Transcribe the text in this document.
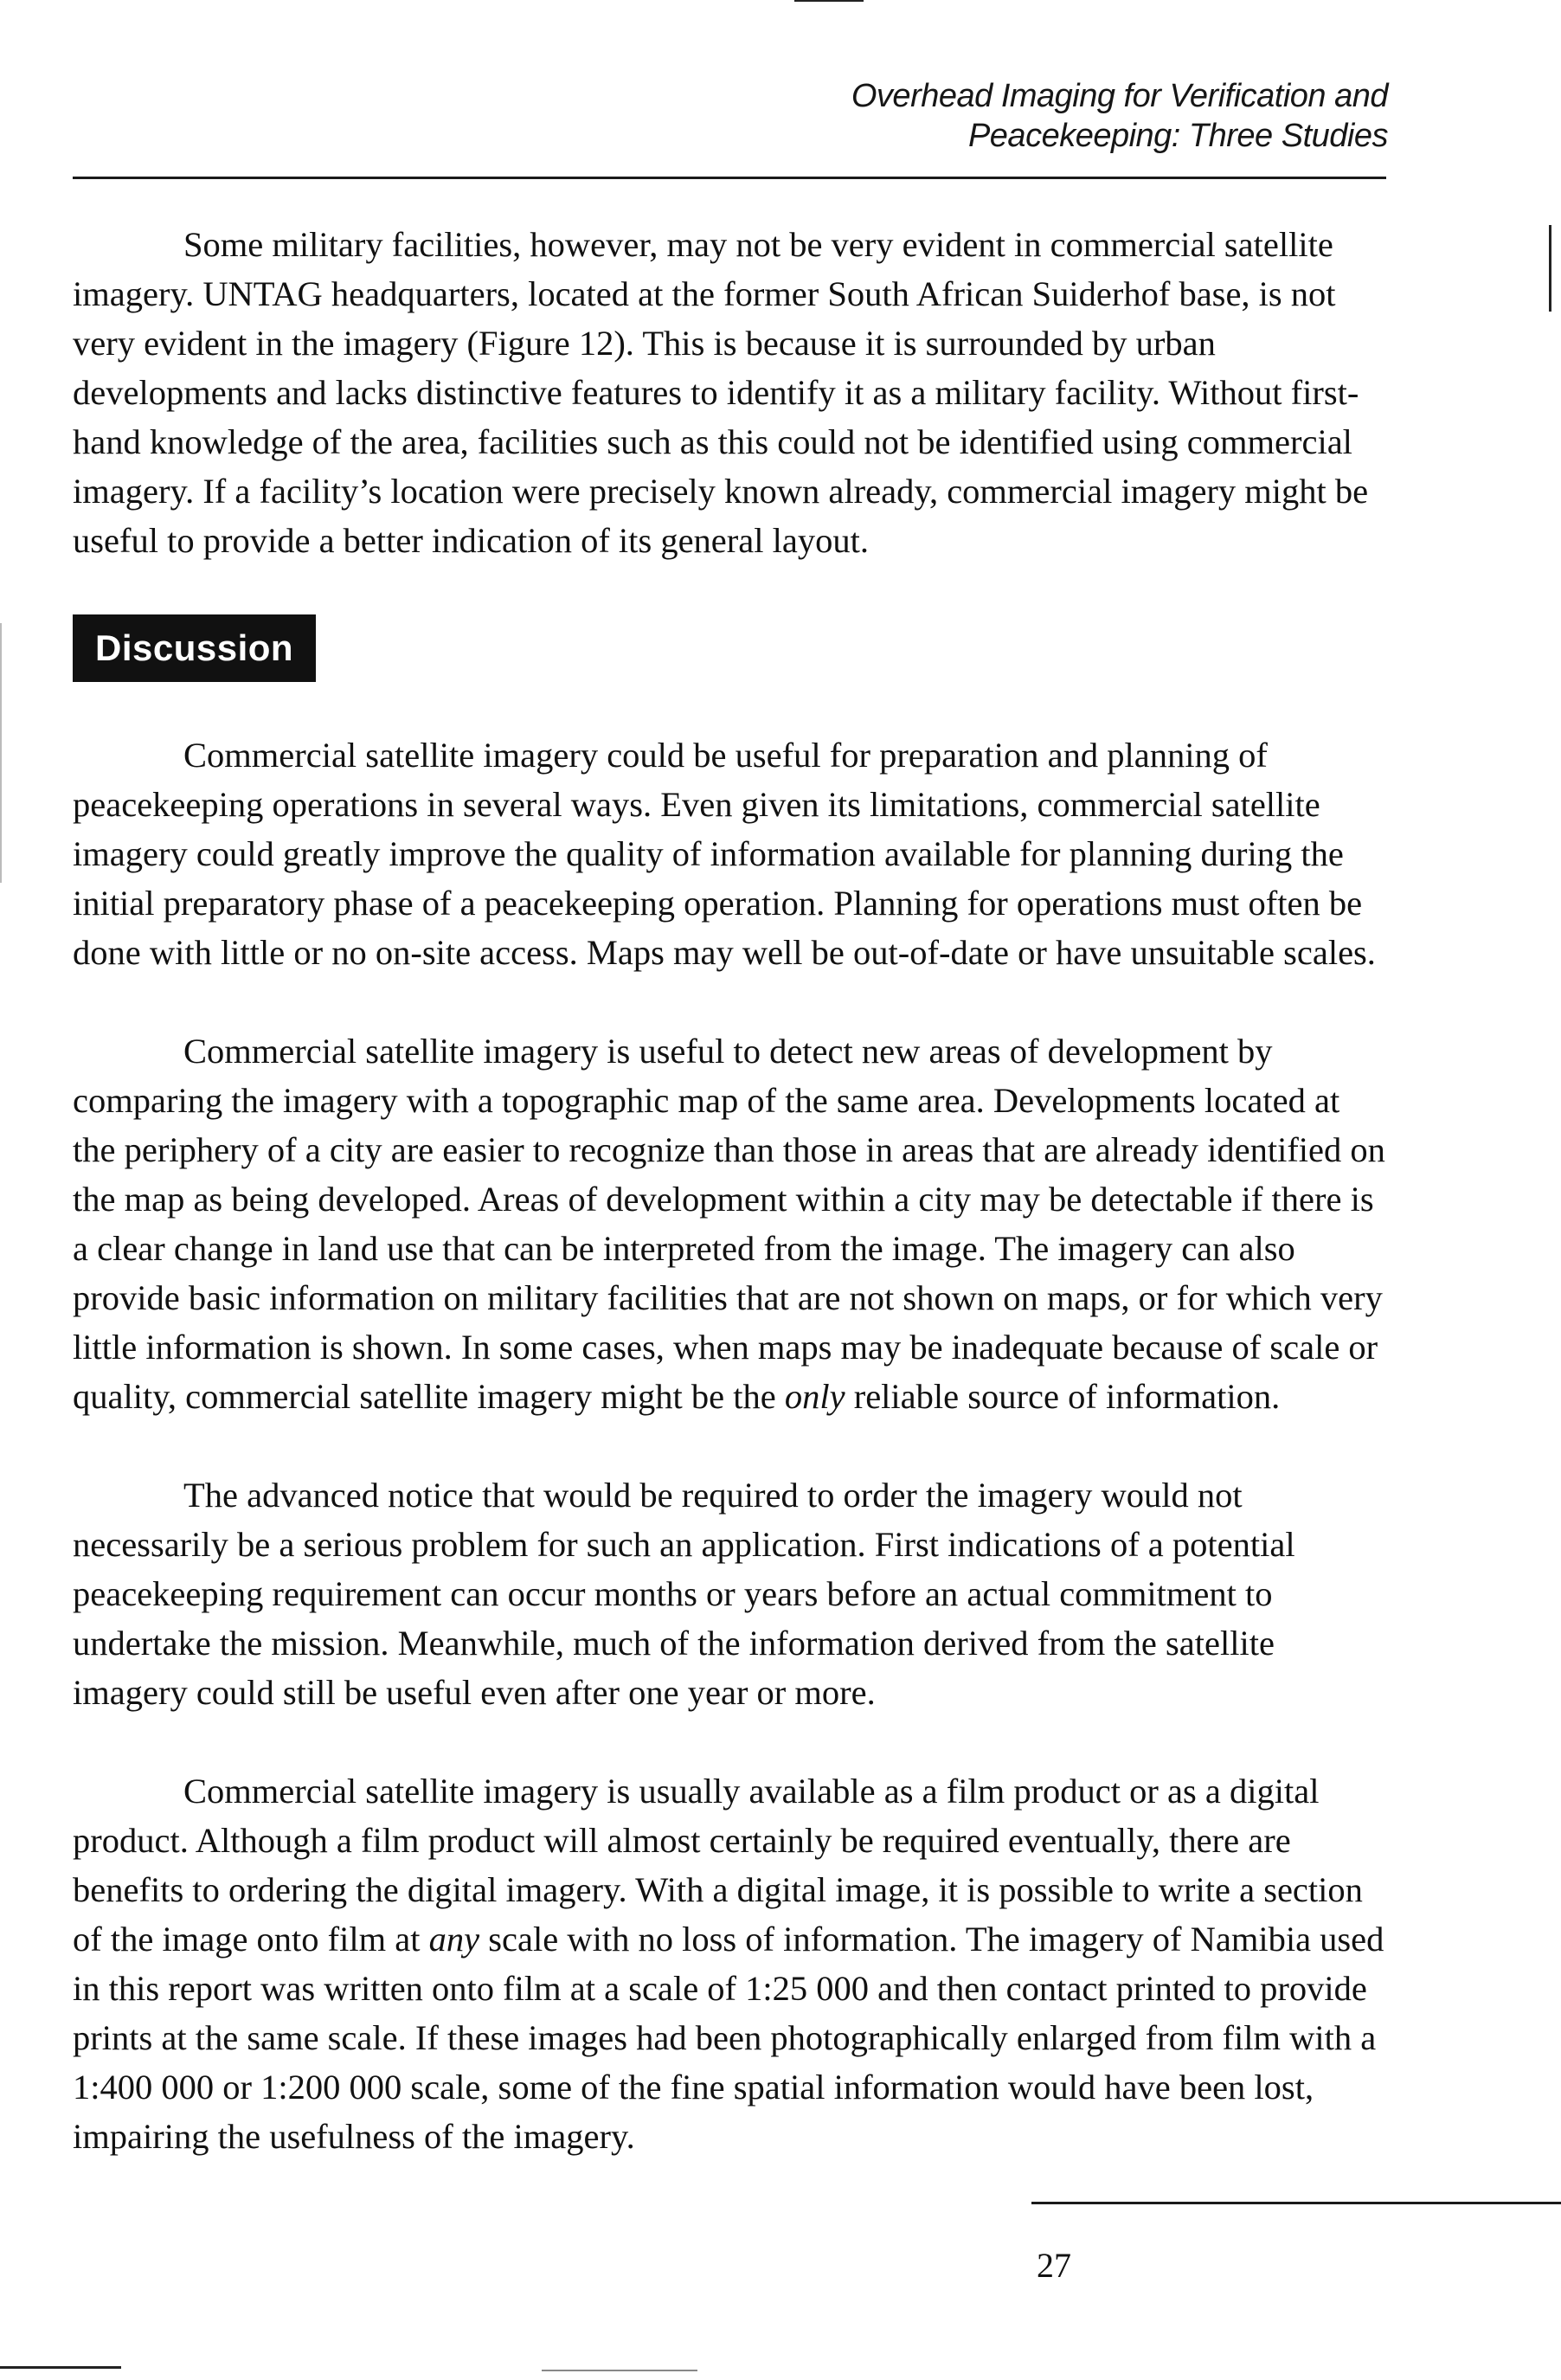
Overhead Imaging for Verification and
Peacekeeping: Three Studies

Some military facilities, however, may not be very evident in commercial satellite imagery. UNTAG headquarters, located at the former South African Suiderhof base, is not very evident in the imagery (Figure 12). This is because it is surrounded by urban developments and lacks distinctive features to identify it as a military facility. Without first-hand knowledge of the area, facilities such as this could not be identified using commercial imagery. If a facility’s location were precisely known already, commercial imagery might be useful to provide a better indication of its general layout.

Discussion

Commercial satellite imagery could be useful for preparation and planning of peacekeeping operations in several ways. Even given its limitations, commercial satellite imagery could greatly improve the quality of information available for planning during the initial preparatory phase of a peacekeeping operation. Planning for operations must often be done with little or no on-site access. Maps may well be out-of-date or have unsuitable scales.

Commercial satellite imagery is useful to detect new areas of development by comparing the imagery with a topographic map of the same area. Developments located at the periphery of a city are easier to recognize than those in areas that are already identified on the map as being developed. Areas of development within a city may be detectable if there is a clear change in land use that can be interpreted from the image. The imagery can also provide basic information on military facilities that are not shown on maps, or for which very little information is shown. In some cases, when maps may be inadequate because of scale or quality, commercial satellite imagery might be the only reliable source of information.

The advanced notice that would be required to order the imagery would not necessarily be a serious problem for such an application. First indications of a potential peacekeeping requirement can occur months or years before an actual commitment to undertake the mission. Meanwhile, much of the information derived from the satellite imagery could still be useful even after one year or more.

Commercial satellite imagery is usually available as a film product or as a digital product. Although a film product will almost certainly be required eventually, there are benefits to ordering the digital imagery. With a digital image, it is possible to write a section of the image onto film at any scale with no loss of information. The imagery of Namibia used in this report was written onto film at a scale of 1:25 000 and then contact printed to provide prints at the same scale. If these images had been photographically enlarged from film with a 1:400 000 or 1:200 000 scale, some of the fine spatial information would have been lost, impairing the usefulness of the imagery.

27
